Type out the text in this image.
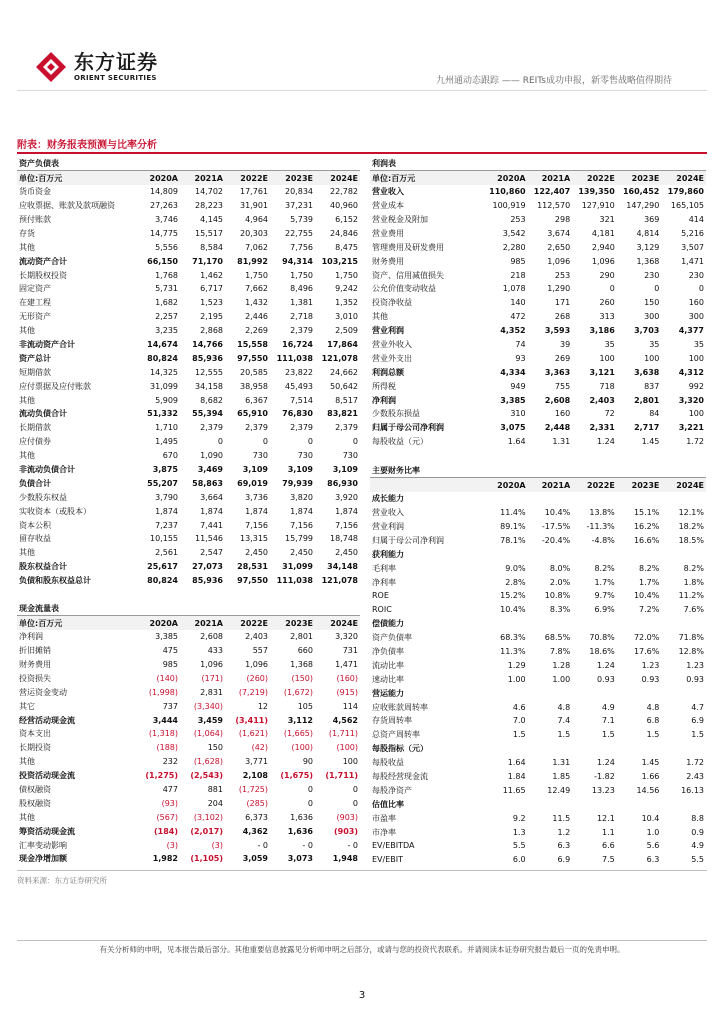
东方证券
ORIENT SECURITIES	九州通动态跟踪 —— REITs成功申报，新零售战略值得期待
附表：财务报表预测与比率分析
资产负债表					
单位:百万元	2020A	2021A	2022E	2023E	2024E
货币资金	14,809	14,702	17,761	20,834	22,782
应收票据、账款及款项融资	27,263	28,223	31,901	37,231	40,960
预付账款	3,746	4,145	4,964	5,739	6,152
存货	14,775	15,517	20,303	22,755	24,846
其他	5,556	8,584	7,062	7,756	8,475
流动资产合计	66,150	71,170	81,992	94,314	103,215
长期股权投资	1,768	1,462	1,750	1,750	1,750
固定资产	5,731	6,717	7,662	8,496	9,242
在建工程	1,682	1,523	1,432	1,381	1,352
无形资产	2,257	2,195	2,446	2,718	3,010
其他	3,235	2,868	2,269	2,379	2,509
非流动资产合计	14,674	14,766	15,558	16,724	17,864
资产总计	80,824	85,936	97,550	111,038	121,078
短期借款	14,325	12,555	20,585	23,822	24,662
应付票据及应付账款	31,099	34,158	38,958	45,493	50,642
其他	5,909	8,682	6,367	7,514	8,517
流动负债合计	51,332	55,394	65,910	76,830	83,821
长期借款	1,710	2,379	2,379	2,379	2,379
应付债券	1,495	0	0	0	0
其他	670	1,090	730	730	730
非流动负债合计	3,875	3,469	3,109	3,109	3,109
负债合计	55,207	58,863	69,019	79,939	86,930
少数股东权益	3,790	3,664	3,736	3,820	3,920
实收资本（或股本）	1,874	1,874	1,874	1,874	1,874
资本公积	7,237	7,441	7,156	7,156	7,156
留存收益	10,155	11,546	13,315	15,799	18,748
其他	2,561	2,547	2,450	2,450	2,450
股东权益合计	25,617	27,073	28,531	31,099	34,148
负债和股东权益总计	80,824	85,936	97,550	111,038	121,078
现金流量表					
单位:百万元	2020A	2021A	2022E	2023E	2024E
净利润	3,385	2,608	2,403	2,801	3,320
折旧摊销	475	433	557	660	731
财务费用	985	1,096	1,096	1,368	1,471
投资损失	(140)	(171)	(260)	(150)	(160)
营运资金变动	(1,998)	2,831	(7,219)	(1,672)	(915)
其它	737	(3,340)	12	105	114
经营活动现金流	3,444	3,459	(3,411)	3,112	4,562
资本支出	(1,318)	(1,064)	(1,621)	(1,665)	(1,711)
长期投资	(188)	150	(42)	(100)	(100)
其他	232	(1,628)	3,771	90	100
投资活动现金流	(1,275)	(2,543)	2,108	(1,675)	(1,711)
债权融资	477	881	(1,725)	0	0
股权融资	(93)	204	(285)	0	0
其他	(567)	(3,102)	6,373	1,636	(903)
筹资活动现金流	(184)	(2,017)	4,362	1,636	(903)
汇率变动影响	(3)	(3)	- 0	- 0	- 0
现金净增加额	1,982	(1,105)	3,059	3,073	1,948
利润表					
单位:百万元	2020A	2021A	2022E	2023E	2024E
营业收入	110,860	122,407	139,350	160,452	179,860
营业成本	100,919	112,570	127,910	147,290	165,105
营业税金及附加	253	298	321	369	414
营业费用	3,542	3,674	4,181	4,814	5,216
管理费用及研发费用	2,280	2,650	2,940	3,129	3,507
财务费用	985	1,096	1,096	1,368	1,471
资产、信用减值损失	218	253	290	230	230
公允价值变动收益	1,078	1,290	0	0	0
投资净收益	140	171	260	150	160
其他	472	268	313	300	300
营业利润	4,352	3,593	3,186	3,703	4,377
营业外收入	74	39	35	35	35
营业外支出	93	269	100	100	100
利润总额	4,334	3,363	3,121	3,638	4,312
所得税	949	755	718	837	992
净利润	3,385	2,608	2,403	2,801	3,320
少数股东损益	310	160	72	84	100
归属于母公司净利润	3,075	2,448	2,331	2,717	3,221
每股收益（元）	1.64	1.31	1.24	1.45	1.72
主要财务比率					
	2020A	2021A	2022E	2023E	2024E
成长能力					
营业收入	11.4%	10.4%	13.8%	15.1%	12.1%
营业利润	89.1%	-17.5%	-11.3%	16.2%	18.2%
归属于母公司净利润	78.1%	-20.4%	-4.8%	16.6%	18.5%
获利能力					
毛利率	9.0%	8.0%	8.2%	8.2%	8.2%
净利率	2.8%	2.0%	1.7%	1.7%	1.8%
ROE	15.2%	10.8%	9.7%	10.4%	11.2%
ROIC	10.4%	8.3%	6.9%	7.2%	7.6%
偿债能力					
资产负债率	68.3%	68.5%	70.8%	72.0%	71.8%
净负债率	11.3%	7.8%	18.6%	17.6%	12.8%
流动比率	1.29	1.28	1.24	1.23	1.23
速动比率	1.00	1.00	0.93	0.93	0.93
营运能力					
应收账款周转率	4.6	4.8	4.9	4.8	4.7
存货周转率	7.0	7.4	7.1	6.8	6.9
总资产周转率	1.5	1.5	1.5	1.5	1.5
每股指标（元）					
每股收益	1.64	1.31	1.24	1.45	1.72
每股经营现金流	1.84	1.85	-1.82	1.66	2.43
每股净资产	11.65	12.49	13.23	14.56	16.13
估值比率					
市盈率	9.2	11.5	12.1	10.4	8.8
市净率	1.3	1.2	1.1	1.0	0.9
EV/EBITDA	5.5	6.3	6.6	5.6	4.9
EV/EBIT	6.0	6.9	7.5	6.3	5.5
资料来源：东方证券研究所
有关分析师的申明，见本报告最后部分。其他重要信息披露见分析师申明之后部分，或请与您的投资代表联系。并请阅读本证券研究报告最后一页的免责申明。
3
